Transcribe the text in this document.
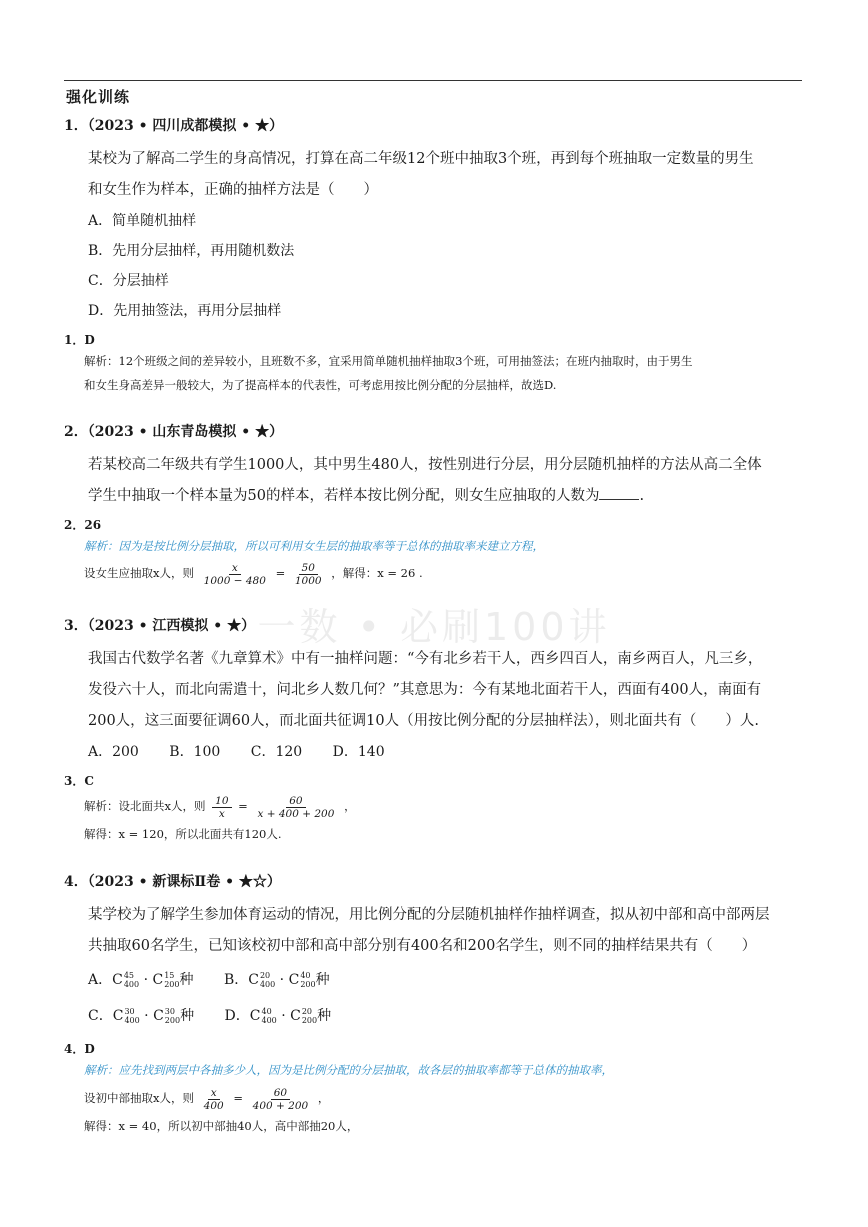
强化训练
一数 • 必刷100讲
1．（2023 • 四川成都模拟 • ★）
某校为了解高二学生的身高情况，打算在高二年级12个班中抽取3个班，再到每个班抽取一定数量的男生
和女生作为样本，正确的抽样方法是（　　）
A．简单随机抽样
B．先用分层抽样，再用随机数法
C．分层抽样
D．先用抽签法，再用分层抽样
1．D
解析：12个班级之间的差异较小，且班数不多，宜采用简单随机抽样抽取3个班，可用抽签法；在班内抽取时，由于男生
和女生身高差异一般较大，为了提高样本的代表性，可考虑用按比例分配的分层抽样，故选D.
2．（2023 • 山东青岛模拟 • ★）
若某校高二年级共有学生1000人，其中男生480人，按性别进行分层，用分层随机抽样的方法从高二全体
学生中抽取一个样本量为50的样本，若样本按比例分配，则女生应抽取的人数为	.
2．26
解析：因为是按比例分层抽取，所以可利用女生层的抽取率等于总体的抽取率来建立方程，
设女生应抽取x人，则 $\frac{x}{1000 - 480} = \frac{50}{1000}$ ，解得：x = 26 .
3．（2023 • 江西模拟 • ★）
我国古代数学名著《九章算术》中有一抽样问题：“今有北乡若干人，西乡四百人，南乡两百人，凡三乡，
发役六十人，而北向需遣十，问北乡人数几何？”其意思为：今有某地北面若干人，西面有400人，南面有
200人，这三面要征调60人，而北面共征调10人（用按比例分配的分层抽样法），则北面共有（　　）人.
A．200 B．100 C．120 D．140
3．C
解析：设北面共x人，则 $\frac{10}{x} = \frac{60}{x + 400 + 200}$ ，
解得：x = 120，所以北面共有120人.
4．（2023 • 新课标Ⅱ卷 • ★☆）
某学校为了解学生参加体育运动的情况，用比例分配的分层随机抽样作抽样调查，拟从初中部和高中部两层
共抽取60名学生，已知该校初中部和高中部分别有400名和200名学生，则不同的抽样结果共有（　　）
A．C 45
400 · C 15
200 种 B．C 20
400 · C 40
200 种
C．C 30
400 · C 30
200 种 D．C 40
400 · C 20
200 种
4．D
解析：应先找到两层中各抽多少人，因为是比例分配的分层抽取，故各层的抽取率都等于总体的抽取率，
设初中部抽取x人，则 $\frac{x}{400} = \frac{60}{400 + 200}$ ，
解得：x = 40，所以初中部抽40人，高中部抽20人，
